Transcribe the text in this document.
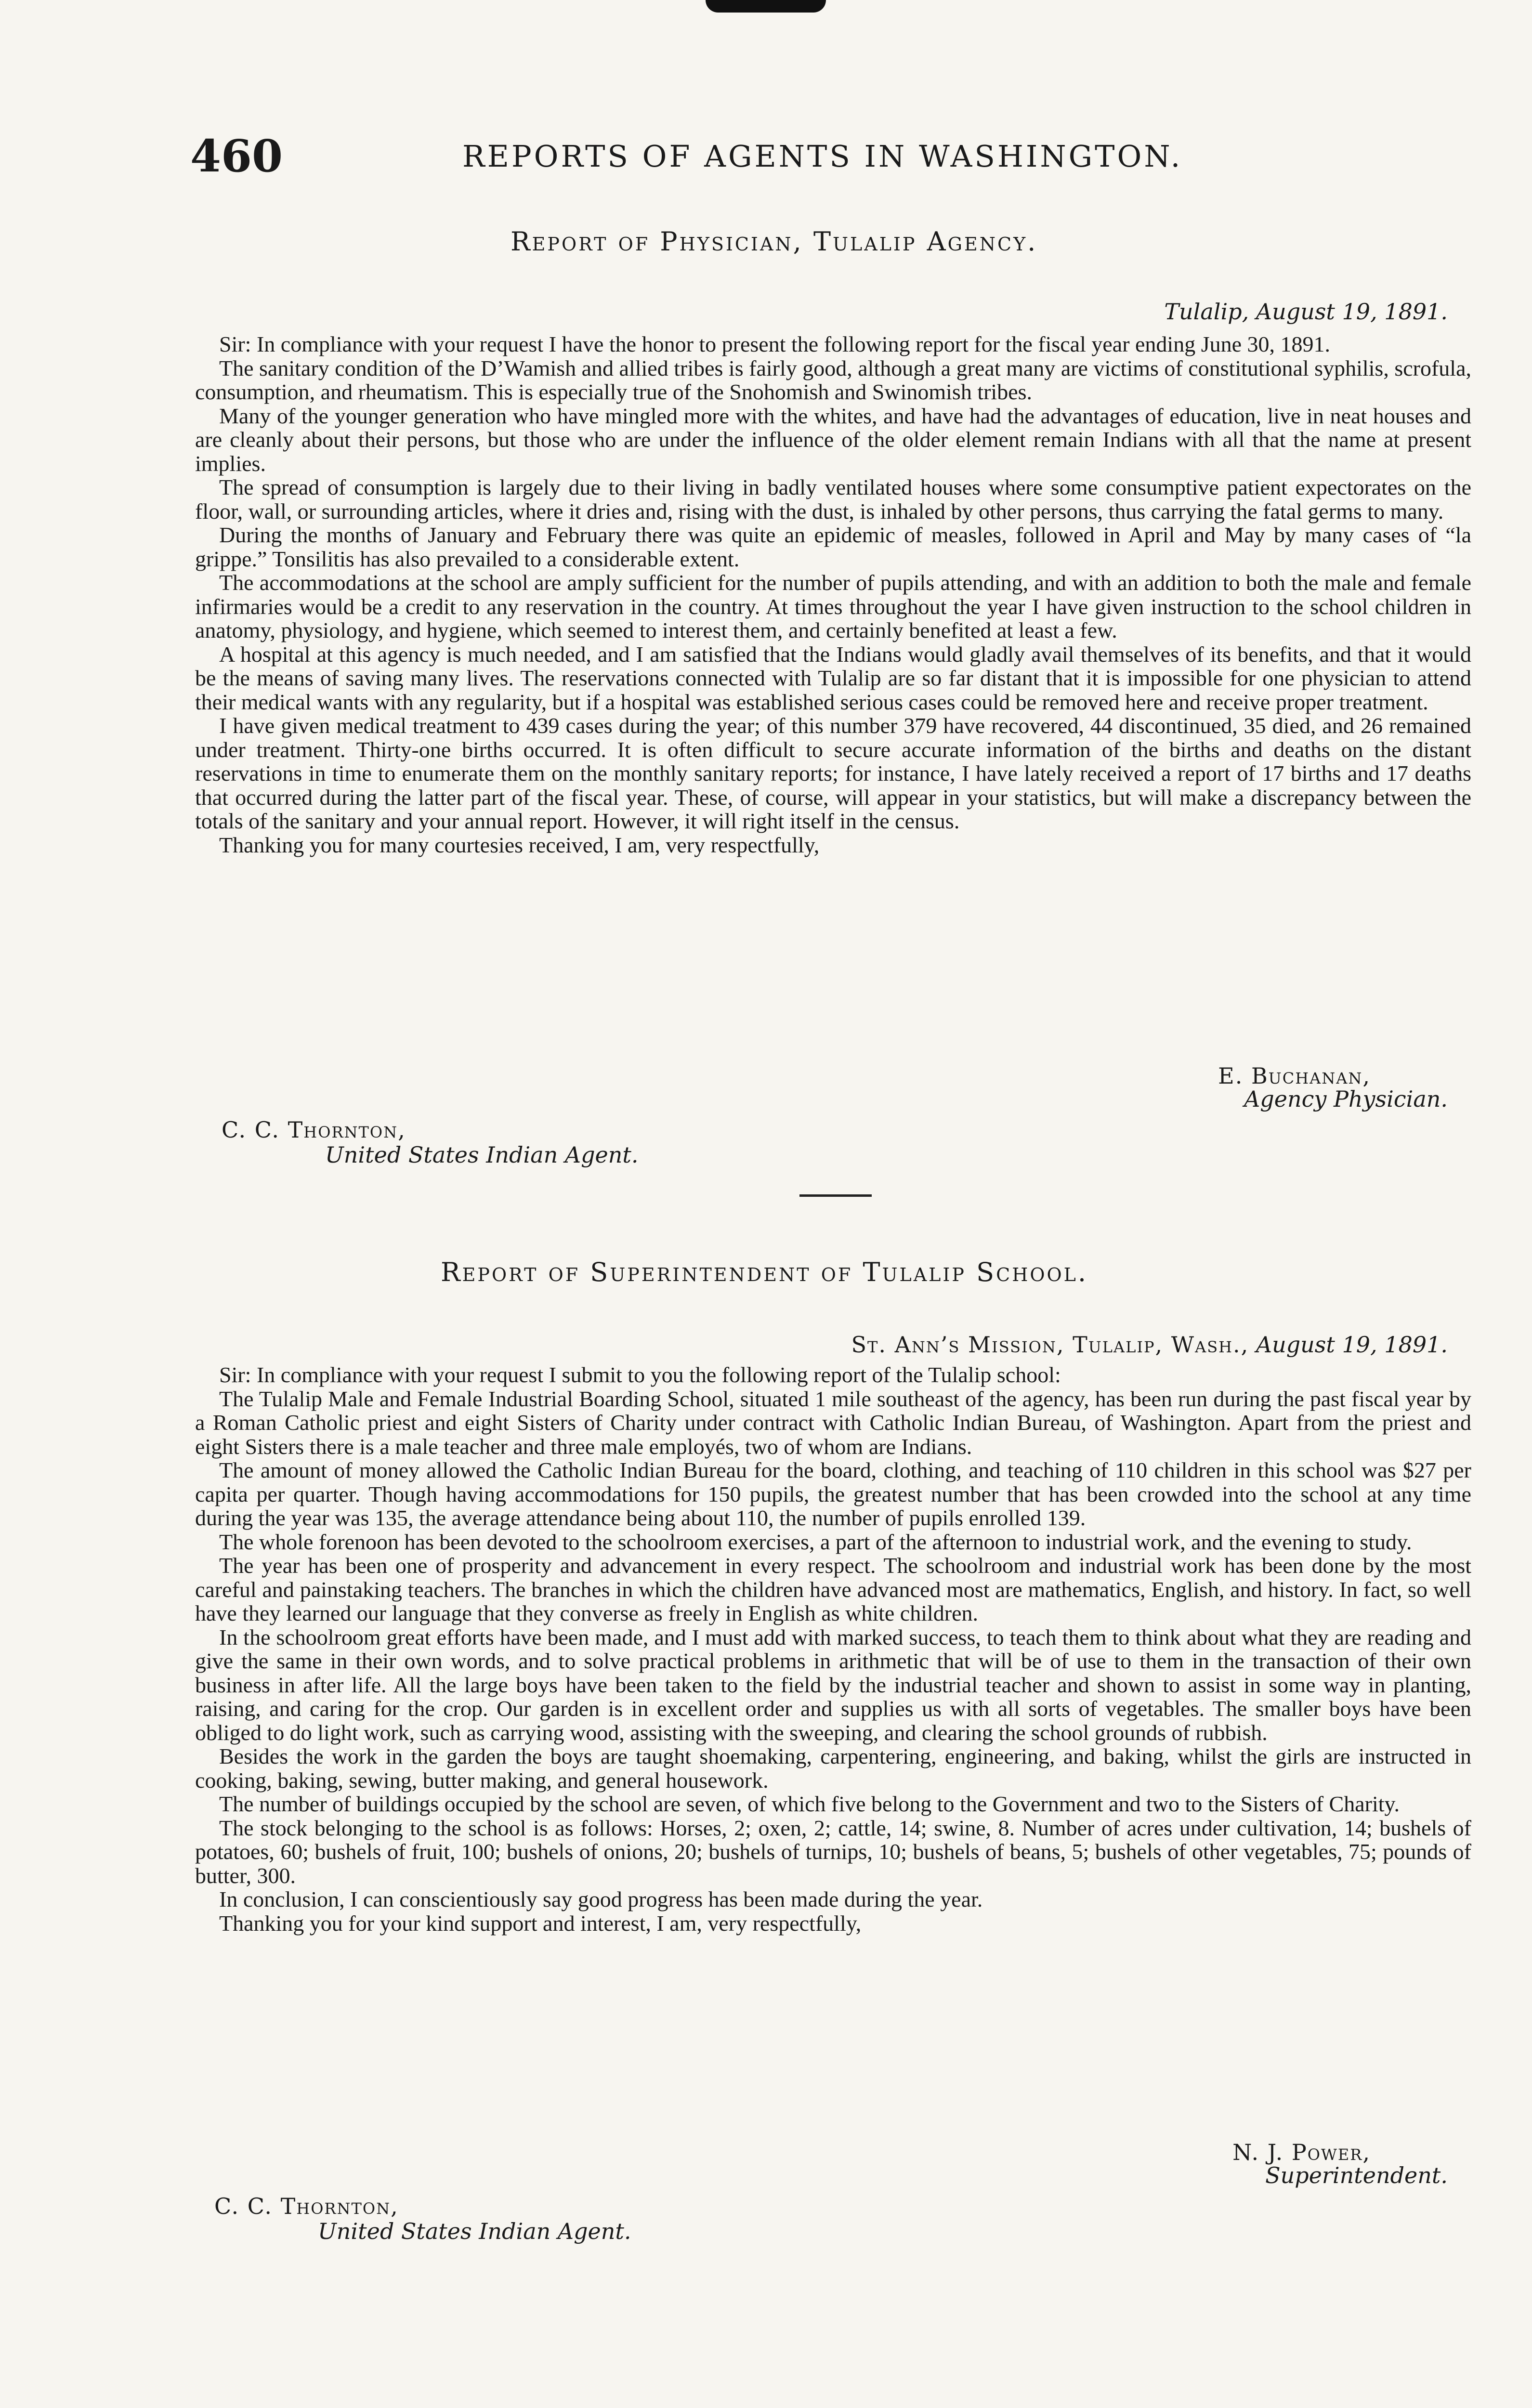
460	REPORTS OF AGENTS IN WASHINGTON.
Report of Physician, Tulalip Agency.
Tulalip, August 19, 1891.

Sir: In compliance with your request I have the honor to present the following report for the fiscal year ending June 30, 1891.

The sanitary condition of the D’Wamish and allied tribes is fairly good, although a great many are victims of constitutional syphilis, scrofula, consumption, and rheumatism. This is especially true of the Snohomish and Swinomish tribes.

Many of the younger generation who have mingled more with the whites, and have had the advantages of education, live in neat houses and are cleanly about their persons, but those who are under the influence of the older element remain Indians with all that the name at present implies.

The spread of consumption is largely due to their living in badly ventilated houses where some consumptive patient expectorates on the floor, wall, or surrounding articles, where it dries and, rising with the dust, is inhaled by other persons, thus carrying the fatal germs to many.

During the months of January and February there was quite an epidemic of measles, followed in April and May by many cases of “la grippe.” Tonsilitis has also prevailed to a considerable extent.

The accommodations at the school are amply sufficient for the number of pupils attending, and with an addition to both the male and female infirmaries would be a credit to any reservation in the country. At times throughout the year I have given instruction to the school children in anatomy, physiology, and hygiene, which seemed to interest them, and certainly benefited at least a few.

A hospital at this agency is much needed, and I am satisfied that the Indians would gladly avail themselves of its benefits, and that it would be the means of saving many lives. The reservations connected with Tulalip are so far distant that it is impossible for one physician to attend their medical wants with any regularity, but if a hospital was established serious cases could be removed here and receive proper treatment.

I have given medical treatment to 439 cases during the year; of this number 379 have recovered, 44 discontinued, 35 died, and 26 remained under treatment. Thirty-one births occurred. It is often difficult to secure accurate information of the births and deaths on the distant reservations in time to enumerate them on the monthly sanitary reports; for instance, I have lately received a report of 17 births and 17 deaths that occurred during the latter part of the fiscal year. These, of course, will appear in your statistics, but will make a discrepancy between the totals of the sanitary and your annual report. However, it will right itself in the census.

Thanking you for many courtesies received, I am, very respectfully,

E. Buchanan,
Agency Physician.
C. C. Thornton,
United States Indian Agent.
Report of Superintendent of Tulalip School.
St. Ann’s Mission, Tulalip, Wash., August 19, 1891.

Sir: In compliance with your request I submit to you the following report of the Tulalip school:

The Tulalip Male and Female Industrial Boarding School, situated 1 mile southeast of the agency, has been run during the past fiscal year by a Roman Catholic priest and eight Sisters of Charity under contract with Catholic Indian Bureau, of Washington. Apart from the priest and eight Sisters there is a male teacher and three male employés, two of whom are Indians.

The amount of money allowed the Catholic Indian Bureau for the board, clothing, and teaching of 110 children in this school was $27 per capita per quarter. Though having accommodations for 150 pupils, the greatest number that has been crowded into the school at any time during the year was 135, the average attendance being about 110, the number of pupils enrolled 139.

The whole forenoon has been devoted to the schoolroom exercises, a part of the afternoon to industrial work, and the evening to study.

The year has been one of prosperity and advancement in every respect. The schoolroom and industrial work has been done by the most careful and painstaking teachers. The branches in which the children have advanced most are mathematics, English, and history. In fact, so well have they learned our language that they converse as freely in English as white children.

In the schoolroom great efforts have been made, and I must add with marked success, to teach them to think about what they are reading and give the same in their own words, and to solve practical problems in arithmetic that will be of use to them in the transaction of their own business in after life. All the large boys have been taken to the field by the industrial teacher and shown to assist in some way in planting, raising, and caring for the crop. Our garden is in excellent order and supplies us with all sorts of vegetables. The smaller boys have been obliged to do light work, such as carrying wood, assisting with the sweeping, and clearing the school grounds of rubbish.

Besides the work in the garden the boys are taught shoemaking, carpentering, engineering, and baking, whilst the girls are instructed in cooking, baking, sewing, butter making, and general housework.

The number of buildings occupied by the school are seven, of which five belong to the Government and two to the Sisters of Charity.

The stock belonging to the school is as follows: Horses, 2; oxen, 2; cattle, 14; swine, 8. Number of acres under cultivation, 14; bushels of potatoes, 60; bushels of fruit, 100; bushels of onions, 20; bushels of turnips, 10; bushels of beans, 5; bushels of other vegetables, 75; pounds of butter, 300.

In conclusion, I can conscientiously say good progress has been made during the year.

Thanking you for your kind support and interest, I am, very respectfully,

N. J. Power,
Superintendent.
C. C. Thornton,
United States Indian Agent.
